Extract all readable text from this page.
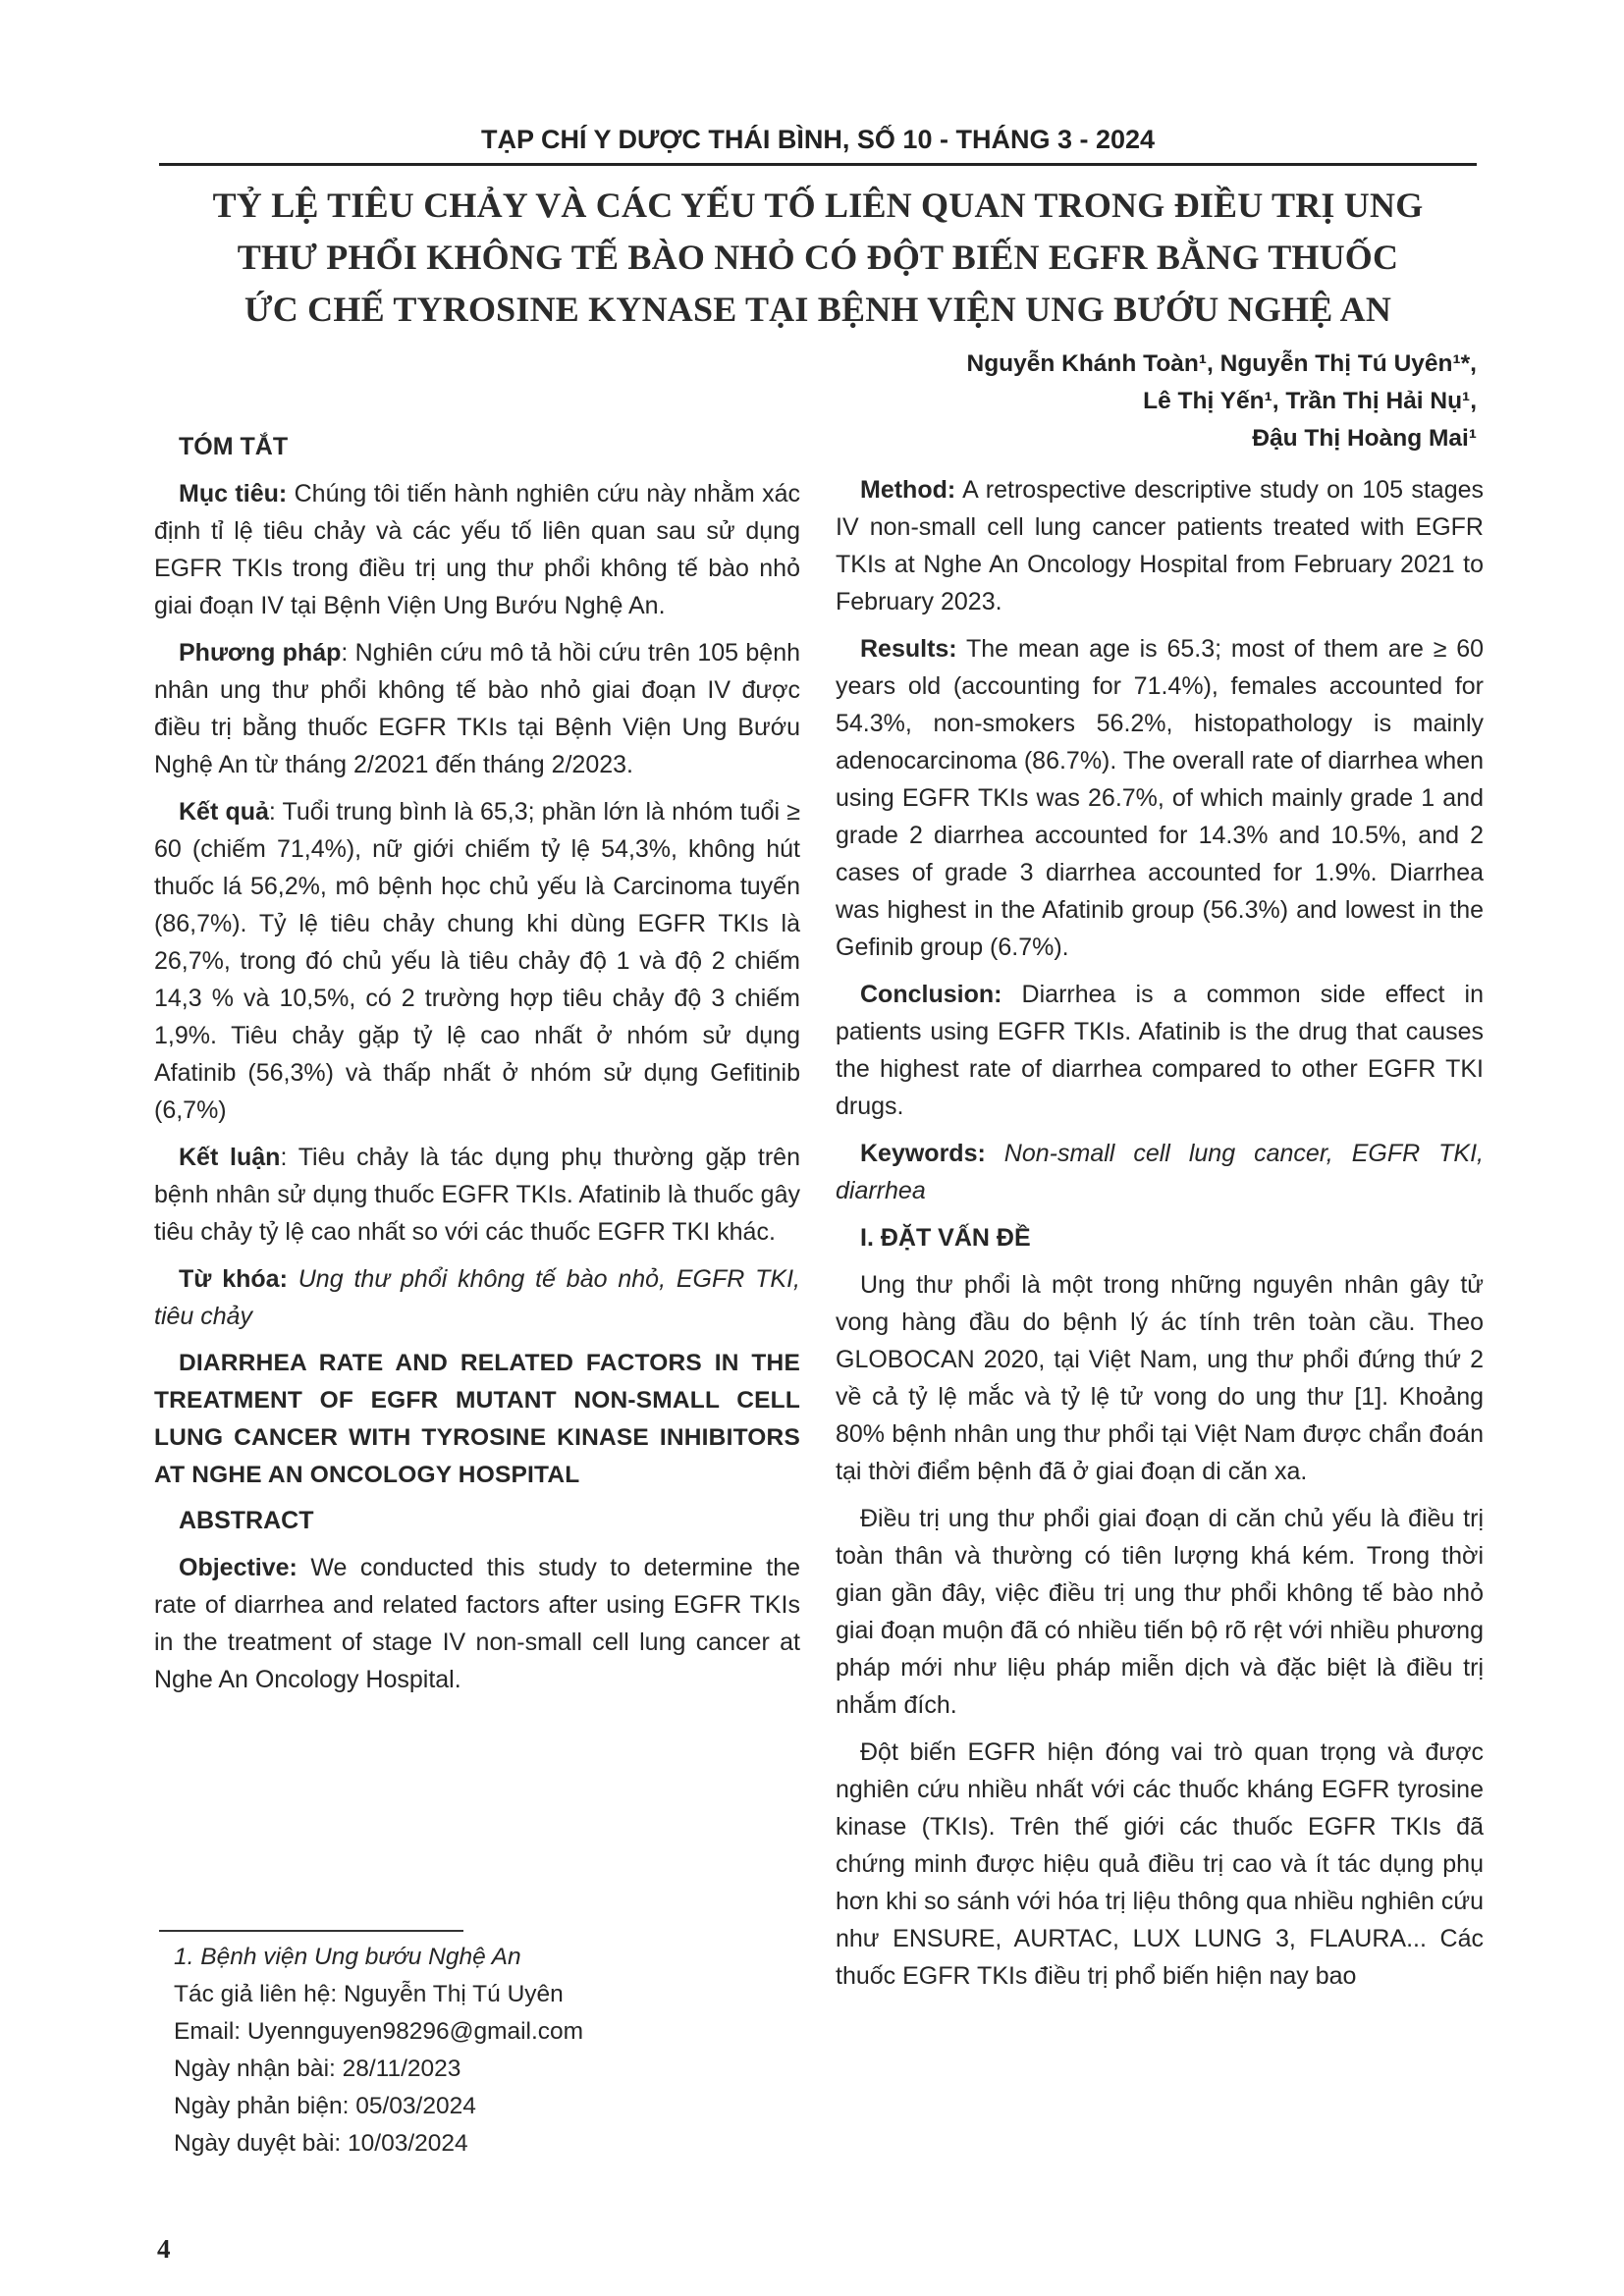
TẠP CHÍ Y DƯỢC THÁI BÌNH, SỐ 10 - THÁNG 3 - 2024
TỶ LỆ TIÊU CHẢY VÀ CÁC YẾU TỐ LIÊN QUAN TRONG ĐIỀU TRỊ UNG
THƯ PHỔI KHÔNG TẾ BÀO NHỎ CÓ ĐỘT BIẾN EGFR BẰNG THUỐC
ỨC CHẾ TYROSINE KYNASE TẠI BỆNH VIỆN UNG BƯỚU NGHỆ AN
Nguyễn Khánh Toàn¹, Nguyễn Thị Tú Uyên¹*,
Lê Thị Yến¹, Trần Thị Hải Nụ¹,
Đậu Thị Hoàng Mai¹
TÓM TẮT

Mục tiêu: Chúng tôi tiến hành nghiên cứu này nhằm xác định tỉ lệ tiêu chảy và các yếu tố liên quan sau sử dụng EGFR TKIs trong điều trị ung thư phổi không tế bào nhỏ giai đoạn IV tại Bệnh Viện Ung Bướu Nghệ An.

Phương pháp: Nghiên cứu mô tả hồi cứu trên 105 bệnh nhân ung thư phổi không tế bào nhỏ giai đoạn IV được điều trị bằng thuốc EGFR TKIs tại Bệnh Viện Ung Bướu Nghệ An từ tháng 2/2021 đến tháng 2/2023.

Kết quả: Tuổi trung bình là 65,3; phần lớn là nhóm tuổi ≥ 60 (chiếm 71,4%), nữ giới chiếm tỷ lệ 54,3%, không hút thuốc lá 56,2%, mô bệnh học chủ yếu là Carcinoma tuyến (86,7%). Tỷ lệ tiêu chảy chung khi dùng EGFR TKIs là 26,7%, trong đó chủ yếu là tiêu chảy độ 1 và độ 2 chiếm 14,3 % và 10,5%, có 2 trường hợp tiêu chảy độ 3 chiếm 1,9%. Tiêu chảy gặp tỷ lệ cao nhất ở nhóm sử dụng Afatinib (56,3%) và thấp nhất ở nhóm sử dụng Gefitinib (6,7%)

Kết luận: Tiêu chảy là tác dụng phụ thường gặp trên bệnh nhân sử dụng thuốc EGFR TKIs. Afatinib là thuốc gây tiêu chảy tỷ lệ cao nhất so với các thuốc EGFR TKI khác.

Từ khóa: Ung thư phổi không tế bào nhỏ, EGFR TKI, tiêu chảy

DIARRHEA RATE AND RELATED FACTORS IN THE TREATMENT OF EGFR MUTANT NON-SMALL CELL LUNG CANCER WITH TYROSINE KINASE INHIBITORS AT NGHE AN ONCOLOGY HOSPITAL
ABSTRACT

Objective: We conducted this study to determine the rate of diarrhea and related factors after using EGFR TKIs in the treatment of stage IV non-small cell lung cancer at Nghe An Oncology Hospital.

Method: A retrospective descriptive study on 105 stages IV non-small cell lung cancer patients treated with EGFR TKIs at Nghe An Oncology Hospital from February 2021 to February 2023.

Results: The mean age is 65.3; most of them are ≥ 60 years old (accounting for 71.4%), females accounted for 54.3%, non-smokers 56.2%, histopathology is mainly adenocarcinoma (86.7%). The overall rate of diarrhea when using EGFR TKIs was 26.7%, of which mainly grade 1 and grade 2 diarrhea accounted for 14.3% and 10.5%, and 2 cases of grade 3 diarrhea accounted for 1.9%. Diarrhea was highest in the Afatinib group (56.3%) and lowest in the Gefinib group (6.7%).

Conclusion: Diarrhea is a common side effect in patients using EGFR TKIs. Afatinib is the drug that causes the highest rate of diarrhea compared to other EGFR TKI drugs.

Keywords: Non-small cell lung cancer, EGFR TKI, diarrhea

I. ĐẶT VẤN ĐỀ

Ung thư phổi là một trong những nguyên nhân gây tử vong hàng đầu do bệnh lý ác tính trên toàn cầu. Theo GLOBOCAN 2020, tại Việt Nam, ung thư phổi đứng thứ 2 về cả tỷ lệ mắc và tỷ lệ tử vong do ung thư [1]. Khoảng 80% bệnh nhân ung thư phổi tại Việt Nam được chẩn đoán tại thời điểm bệnh đã ở giai đoạn di căn xa.

Điều trị ung thư phổi giai đoạn di căn chủ yếu là điều trị toàn thân và thường có tiên lượng khá kém. Trong thời gian gần đây, việc điều trị ung thư phổi không tế bào nhỏ giai đoạn muộn đã có nhiều tiến bộ rõ rệt với nhiều phương pháp mới như liệu pháp miễn dịch và đặc biệt là điều trị nhắm đích.

Đột biến EGFR hiện đóng vai trò quan trọng và được nghiên cứu nhiều nhất với các thuốc kháng EGFR tyrosine kinase (TKIs). Trên thế giới các thuốc EGFR TKIs đã chứng minh được hiệu quả điều trị cao và ít tác dụng phụ hơn khi so sánh với hóa trị liệu thông qua nhiều nghiên cứu như ENSURE, AURTAC, LUX LUNG 3, FLAURA... Các thuốc EGFR TKIs điều trị phổ biến hiện nay bao

1. Bệnh viện Ung bướu Nghệ An
Tác giả liên hệ: Nguyễn Thị Tú Uyên
Email: Uyennguyen98296@gmail.com
Ngày nhận bài: 28/11/2023
Ngày phản biện: 05/03/2024
Ngày duyệt bài: 10/03/2024
4
